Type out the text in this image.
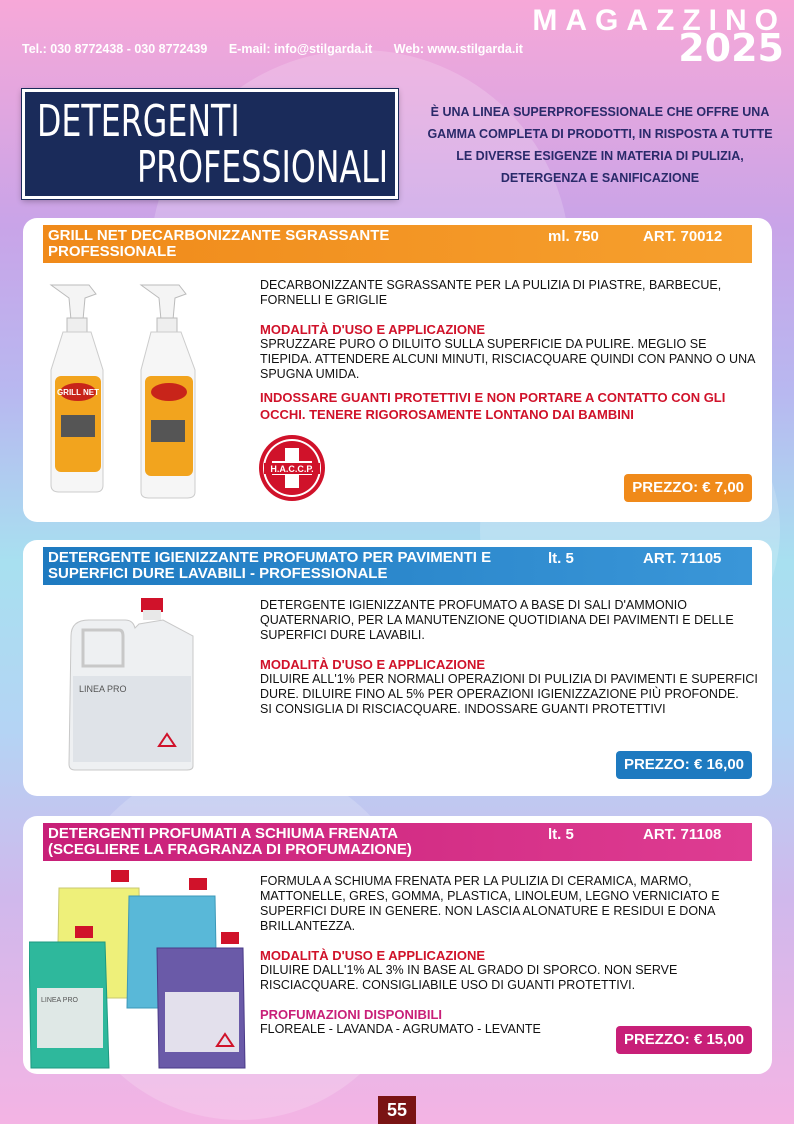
Tel.: 030 8772438 - 030 8772439 E-mail: info@stilgarda.it Web: www.stilgarda.it
MAGAZZINO
2025
DETERGENTI
PROFESSIONALI
È UNA LINEA SUPERPROFESSIONALE CHE OFFRE UNA GAMMA COMPLETA DI PRODOTTI, IN RISPOSTA A TUTTE LE DIVERSE ESIGENZE IN MATERIA DI PULIZIA, DETERGENZA E SANIFICAZIONE
GRILL NET DECARBONIZZANTE SGRASSANTE PROFESSIONALE
ml. 750	ART. 70012
GRILL NET
DECARBONIZZANTE SGRASSANTE PER LA PULIZIA DI PIASTRE, BARBECUE, FORNELLI E GRIGLIE
MODALITÀ D'USO E APPLICAZIONE
SPRUZZARE PURO O DILUITO SULLA SUPERFICIE DA PULIRE. MEGLIO SE TIEPIDA. ATTENDERE ALCUNI MINUTI, RISCIACQUARE QUINDI CON PANNO O UNA SPUGNA UMIDA.
INDOSSARE GUANTI PROTETTIVI E NON PORTARE A CONTATTO CON GLI OCCHI. TENERE RIGOROSAMENTE LONTANO DAI BAMBINI
H.A.C.C.P.
PREZZO: € 7,00
DETERGENTE IGIENIZZANTE PROFUMATO PER PAVIMENTI E SUPERFICI DURE LAVABILI - PROFESSIONALE
lt. 5	ART. 71105
LINEA PRO
DETERGENTE IGIENIZZANTE PROFUMATO A BASE DI SALI D'AMMONIO QUATERNARIO, PER LA MANUTENZIONE QUOTIDIANA DEI PAVIMENTI E DELLE SUPERFICI DURE LAVABILI.
MODALITÀ D'USO E APPLICAZIONE
DILUIRE ALL'1% PER NORMALI OPERAZIONI DI PULIZIA DI PAVIMENTI E SUPERFICI DURE. DILUIRE FINO AL 5% PER OPERAZIONI IGIENIZZAZIONE PIÙ PROFONDE.
SI CONSIGLIA DI RISCIACQUARE. INDOSSARE GUANTI PROTETTIVI
PREZZO: € 16,00
DETERGENTI PROFUMATI A SCHIUMA FRENATA (SCEGLIERE LA FRAGRANZA DI PROFUMAZIONE)
lt. 5	ART. 71108
LINEA PRO
FORMULA A SCHIUMA FRENATA PER LA PULIZIA DI CERAMICA, MARMO, MATTONELLE, GRES, GOMMA, PLASTICA, LINOLEUM, LEGNO VERNICIATO E SUPERFICI DURE IN GENERE. NON LASCIA ALONATURE E RESIDUI E DONA BRILLANTEZZA.
MODALITÀ D'USO E APPLICAZIONE
DILUIRE DALL'1% AL 3% IN BASE AL GRADO DI SPORCO. NON SERVE RISCIACQUARE. CONSIGLIABILE USO DI GUANTI PROTETTIVI.
PROFUMAZIONI DISPONIBILI
FLOREALE - LAVANDA - AGRUMATO - LEVANTE
PREZZO: € 15,00
55
